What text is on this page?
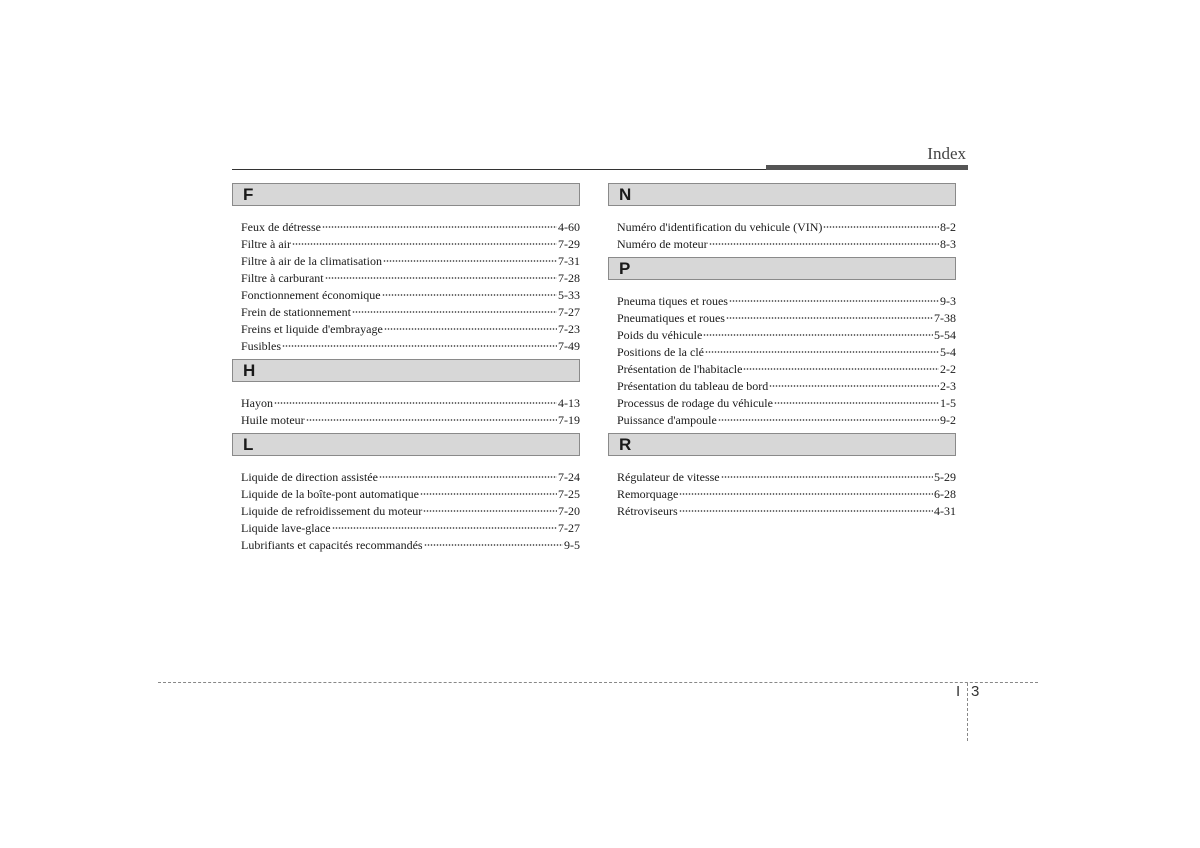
Index
F
Feux de détresse	4-60
Filtre à air	7-29
Filtre à air de la climatisation	7-31
Filtre à carburant	7-28
Fonctionnement économique	5-33
Frein de stationnement	7-27
Freins et liquide d'embrayage	7-23
Fusibles	7-49
H
Hayon	4-13
Huile moteur	7-19
L
Liquide de direction assistée	7-24
Liquide de la boîte-pont automatique	7-25
Liquide de refroidissement du moteur	7-20
Liquide lave-glace	7-27
Lubrifiants et capacités recommandés	9-5
N
Numéro d'identification du vehicule (VIN)	8-2
Numéro de moteur	8-3
P
Pneuma tiques et roues	9-3
Pneumatiques et roues	7-38
Poids du véhicule	5-54
Positions de la clé	5-4
Présentation de l'habitacle	2-2
Présentation du tableau de bord	2-3
Processus de rodage du véhicule	1-5
Puissance d'ampoule	9-2
R
Régulateur de vitesse	5-29
Remorquage	6-28
Rétroviseurs	4-31
I 3
